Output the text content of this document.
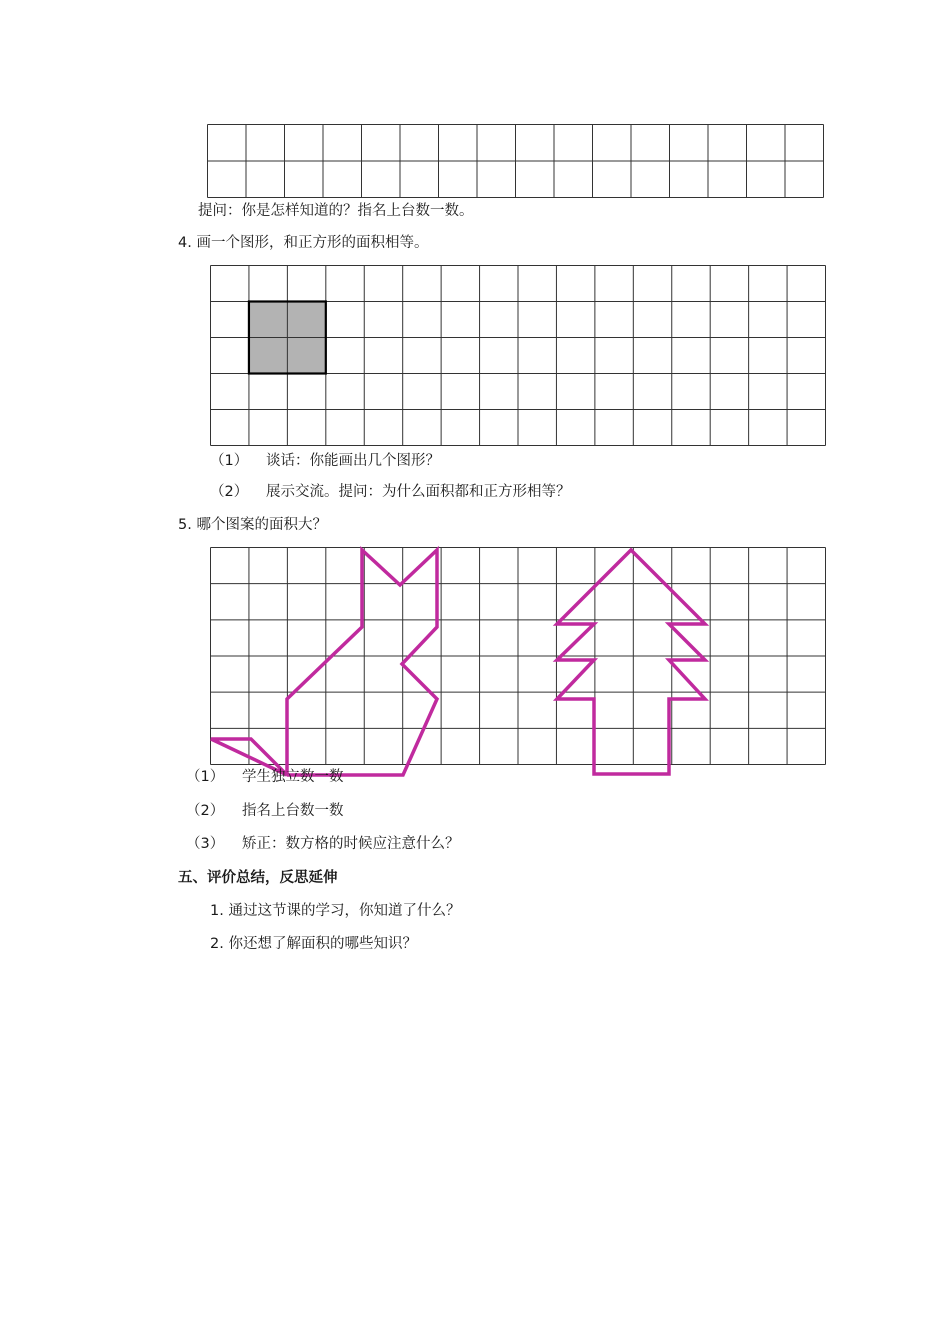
提问：你是怎样知道的？指名上台数一数。
4. 画一个图形，和正方形的面积相等。
（1） 谈话：你能画出几个图形？
（2） 展示交流。提问：为什么面积都和正方形相等？
5. 哪个图案的面积大？
（1） 学生独立数一数
（2） 指名上台数一数
（3） 矫正：数方格的时候应注意什么？
五、评价总结，反思延伸
1. 通过这节课的学习，你知道了什么？
2. 你还想了解面积的哪些知识？
